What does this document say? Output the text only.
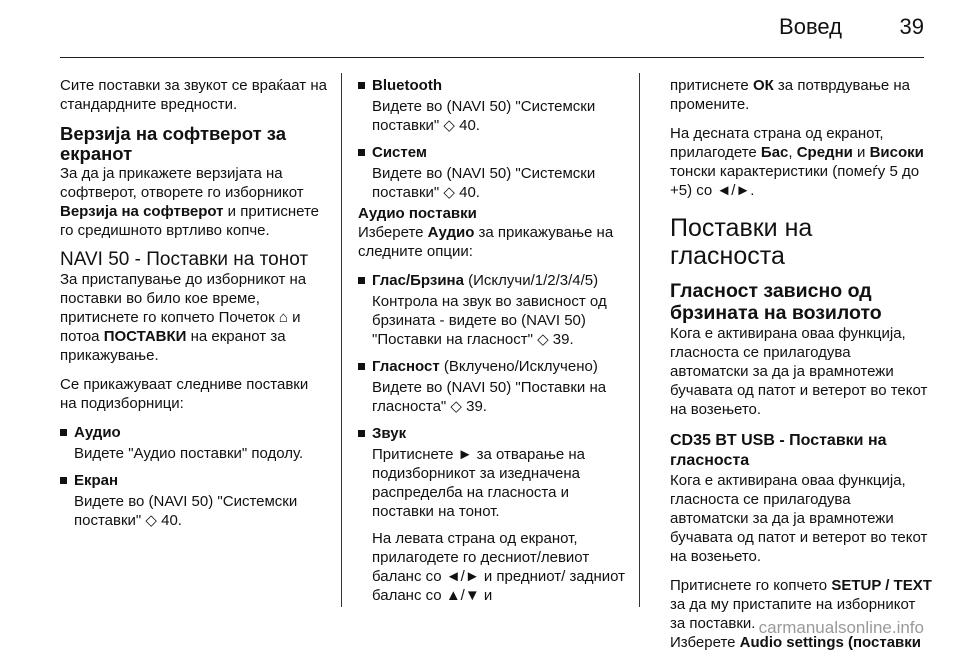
Вовед	39

Сите поставки за звукот се враќаат на стандардните вредности.

Верзија на софтверот за екранот

За да ја прикажете верзијата на софтверот, отворете го изборникот Верзија на софтверот и притиснете го средишното вртливо копче.

NAVI 50 - Поставки на тонот

За пристапување до изборникот на поставки во било кое време, притиснете го копчето Почеток ⌂ и потоа ПОСТАВКИ на екранот за прикажување.

Се прикажуваат следниве поставки на подизборници:

Аудио
Видете "Аудио поставки" подолу.
Екран
Видете во (NAVI 50) "Системски поставки" ◇ 40.
Bluetooth
Видете во (NAVI 50) "Системски поставки" ◇ 40.
Систем
Видете во (NAVI 50) "Системски поставки" ◇ 40.
Аудио поставки

Изберете Аудио за прикажување на следните опции:

Глас/Брзина (Исклучи/1/2/3/4/5)
Контрола на звук во зависност од брзината - видете во (NAVI 50) "Поставки на гласност" ◇ 39.
Гласност (Вклучено/Исклучено)
Видете во (NAVI 50) "Поставки на гласноста" ◇ 39.
Звук
Притиснете ► за отварање на подизборникот за изедначена распределба на гласноста и поставки на тонот.
На левата страна од екранот, прилагодете го десниот/левиот баланс со ◄/► и предниот/ задниот баланс со ▲/▼ и

притиснете ОК за потврдување на промените.

На десната страна од екранот, прилагодете Бас, Средни и Високи тонски карактеристики (помеѓу 5 до +5) со ◄/►.

Поставки на гласноста
Гласност зависно од брзината на возилото

Кога е активирана оваа функција, гласноста се прилагодува автоматски за да ја врамнотежи бучавата од патот и ветерот во текот на возењето.

CD35 BT USB - Поставки на гласноста

Кога е активирана оваа функција, гласноста се прилагодува автоматски за да ја врамнотежи бучавата од патот и ветерот во текот на возењето.

Притиснете го копчето SETUP / TEXT за да му пристапите на изборникот за поставки.

Изберете Audio settings (поставки

carmanualsonline.info
